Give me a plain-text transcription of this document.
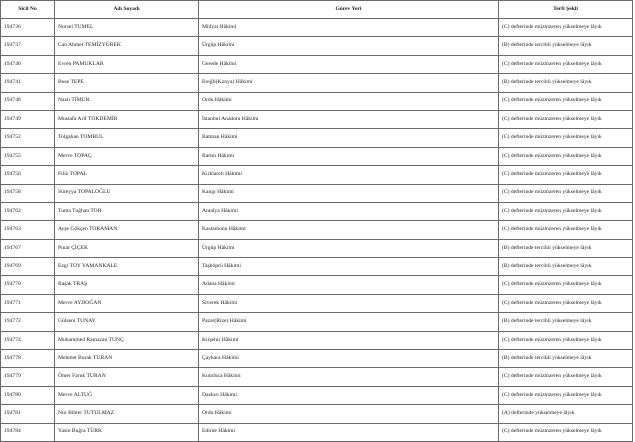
Sicil No	Adı Soyadı	Görev Yeri	Terfi Şekli
194736	Nursel TUMEL	Midyat Hâkimi	(C) defterinde müzmzeren yükselmeye lâyık
194737	Can Ahmet TEMİZYÜREK	Ürgüp Hâkimi	(B) defterinde tercihli yükselmeye lâyık
194740	Evren PAMUKLAR	Gerede Hâkimi	(C) defterinde müzmzeren yükselmeye lâyık
194741	Buse TEPE	Ereğli(Konya) Hâkimi	(B) defterinde tercihli yükselmeye lâyık
194748	Nazlı TİMUR	Ordu Hâkimi	(C) defterinde müzmzeren yükselmeye lâyık
194749	Mustafa Arif TOKDEMİR	İstanbul Anadolu Hâkimi	(C) defterinde müzmzeren yükselmeye lâyık
194752	Tolgahan TOMBUL	Batman Hâkimi	(C) defterinde müzmzeren yükselmeye lâyık
194755	Merve TOPAÇ	Bartın Hâkimi	(C) defterinde müzmzeren yükselmeye lâyık
194756	Filiz TOPAL	Kırklareli Hâkimi	(C) defterinde müzmzeren yükselmeye lâyık
194758	Süreyya TOPALOĞLU	Kangı Hâkimi	(C) defterinde müzmzeren yükselmeye lâyık
194762	Tuma Tuğhan TOR	Antalya Hâkimi	(C) defterinde müzmzeren yükselmeye lâyık
194763	Ayşe Gökçen TORAMAN	Kastamonu Hâkimi	(C) defterinde müzmzeren yükselmeye lâyık
194767	Pınar ÇİÇEK	Ürgüp Hâkimi	(B) defterinde tercihli yükselmeye lâyık
194769	Ezgi TOY YAMANKALE	Taşköprü Hâkimi	(B) defterinde tercihli yükselmeye lâyık
194770	Başak TRAŞ	Adana Hâkimi	(C) defterinde müzmzeren yükselmeye lâyık
194771	Merve AYDOĞAN	Siverek Hâkimi	(C) defterinde müzmzeren yükselmeye lâyık
194772	Gülseni TUNAY	Pazar(Rize) Hâkimi	(B) defterinde tercihli yükselmeye lâyık
194774	Muhammed Ramazan TUNÇ	Kırşehir Hâkimi	(C) defterinde müzmzeren yükselmeye lâyık
194778	Mehmet Burak TURAN	Çaykara Hâkimi	(B) defterinde tercihli yükselmeye lâyık
194779	Ömer Faruk TURAN	Kumluca Hâkimi	(C) defterinde müzmzeren yükselmeye lâyık
194780	Merve ALTUĞ	Dazkırı Hâkimi	(C) defterinde müzmzeren yükselmeye lâyık
194781	Nur Bihter TUTULMAZ	Ordu Hâkimi	(A) defterinde yükselmeye lâyık
194784	Yasin Buğra TÜRK	Edirne Hâkimi	(C) defterinde müzmzeren yükselmeye lâyık
